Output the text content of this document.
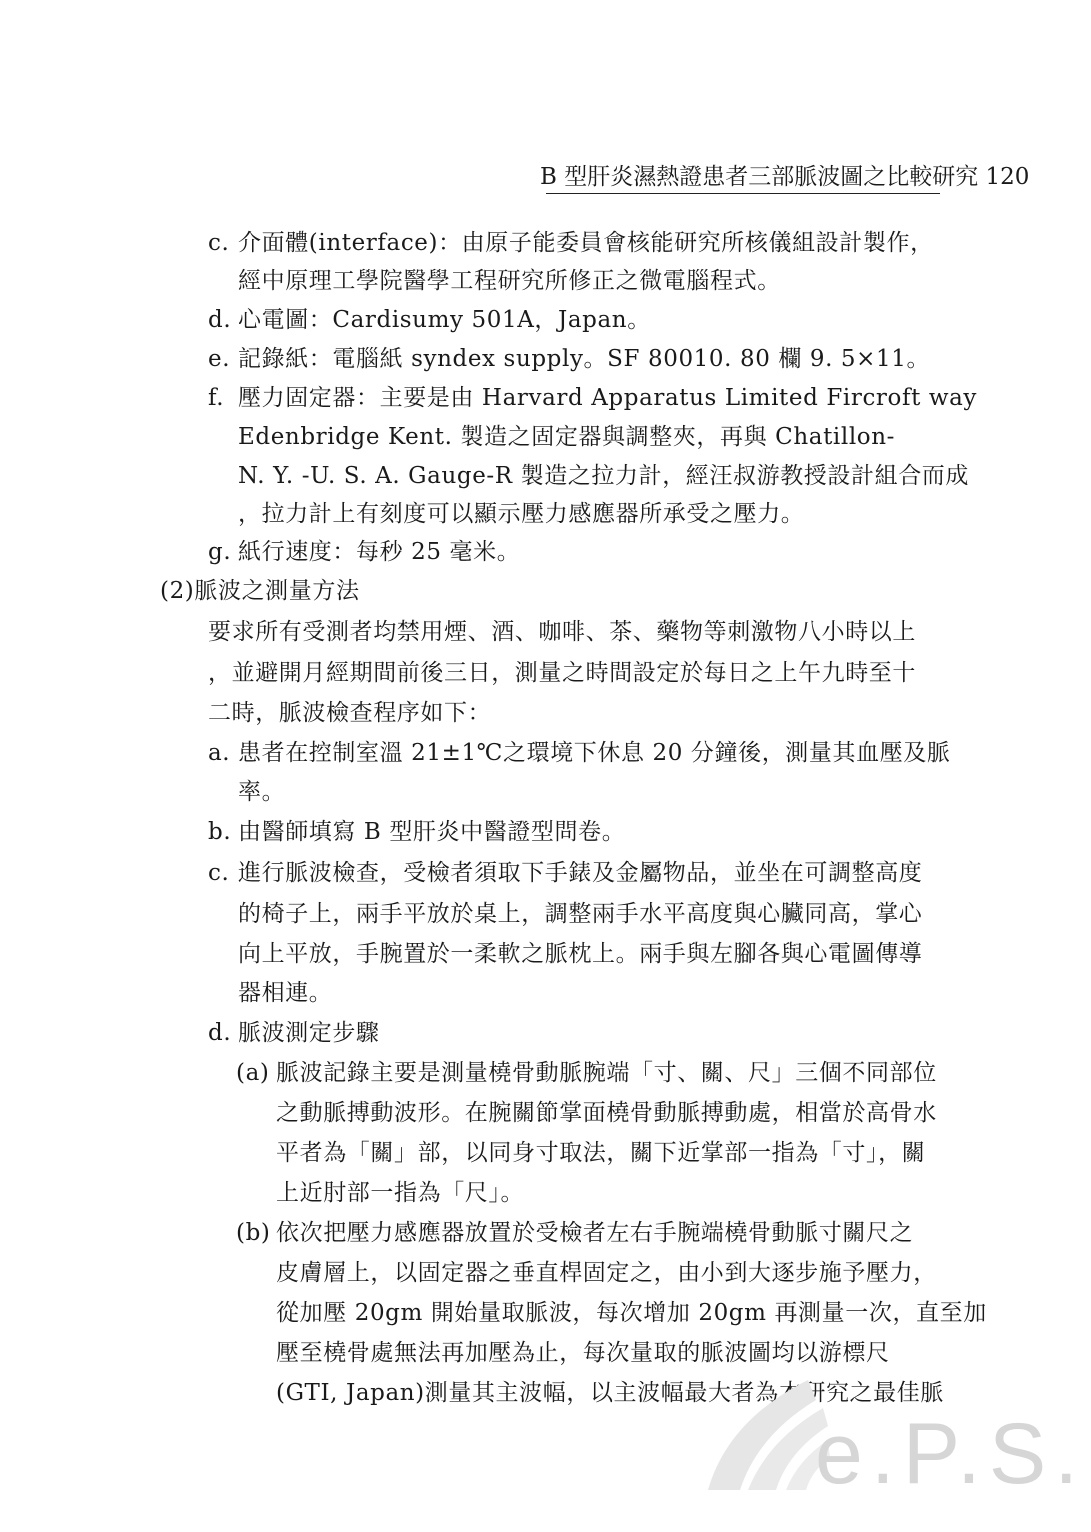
B 型肝炎濕熱證患者三部脈波圖之比較研究 120
c. 介面體(interface)：由原子能委員會核能研究所核儀組設計製作，
經中原理工學院醫學工程研究所修正之微電腦程式。
d. 心電圖：Cardisumy 501A，Japan。
e. 記錄紙：電腦紙 syndex supply。SF 80010. 80 欄 9. 5×11。
f. 壓力固定器：主要是由 Harvard Apparatus Limited Fircroft way
Edenbridge Kent. 製造之固定器與調整夾，再與 Chatillon-
N. Y. -U. S. A. Gauge-R 製造之拉力計，經汪叔游教授設計組合而成
，拉力計上有刻度可以顯示壓力感應器所承受之壓力。
g. 紙行速度：每秒 25 毫米。
(2)脈波之測量方法
要求所有受測者均禁用煙、酒、咖啡、茶、藥物等刺激物八小時以上
，並避開月經期間前後三日，測量之時間設定於每日之上午九時至十
二時，脈波檢查程序如下：
a. 患者在控制室溫 21±1℃之環境下休息 20 分鐘後，測量其血壓及脈
率。
b. 由醫師填寫 B 型肝炎中醫證型問卷。
c. 進行脈波檢查，受檢者須取下手錶及金屬物品，並坐在可調整高度
的椅子上，兩手平放於桌上，調整兩手水平高度與心臟同高，掌心
向上平放，手腕置於一柔軟之脈枕上。兩手與左腳各與心電圖傳導
器相連。
d. 脈波測定步驟
(a) 脈波記錄主要是測量橈骨動脈腕端「寸、關、尺」三個不同部位
之動脈搏動波形。在腕關節掌面橈骨動脈搏動處，相當於高骨水
平者為「關」部，以同身寸取法，關下近掌部一指為「寸」，關
上近肘部一指為「尺」。
(b) 依次把壓力感應器放置於受檢者左右手腕端橈骨動脈寸關尺之
皮膚層上，以固定器之垂直桿固定之，由小到大逐步施予壓力，
從加壓 20gm 開始量取脈波，每次增加 20gm 再測量一次，直至加
壓至橈骨處無法再加壓為止，每次量取的脈波圖均以游標尺
(GTI, Japan)測量其主波幅，以主波幅最大者為本研究之最佳脈
e.P.S.
